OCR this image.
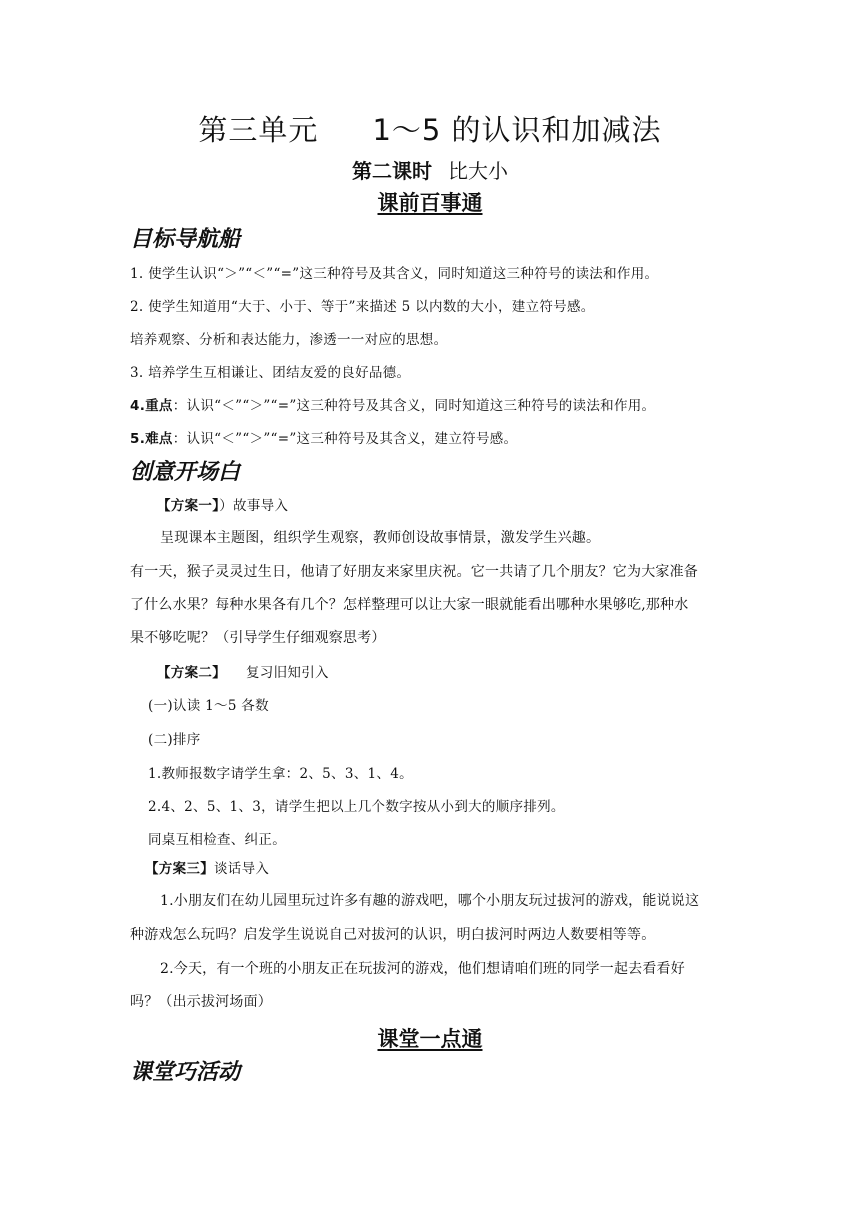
第三单元 1～5 的认识和加减法
第二课时 比大小
课前百事通
目标导航船
1. 使学生认识“＞”“＜”“=”这三种符号及其含义，同时知道这三种符号的读法和作用。
2. 使学生知道用“大于、小于、等于”来描述 5 以内数的大小，建立符号感。
培养观察、分析和表达能力，渗透一一对应的思想。
3. 培养学生互相谦让、团结友爱的良好品德。
4.重点：认识“＜”“＞”“=”这三种符号及其含义，同时知道这三种符号的读法和作用。
5.难点：认识“＜”“＞”“=”这三种符号及其含义，建立符号感。
创意开场白
【方案一】）故事导入
呈现课本主题图，组织学生观察，教师创设故事情景，激发学生兴趣。
有一天，猴子灵灵过生日，他请了好朋友来家里庆祝。它一共请了几个朋友？它为大家准备
了什么水果？每种水果各有几个？怎样整理可以让大家一眼就能看出哪种水果够吃,那种水
果不够吃呢？（引导学生仔细观察思考）
【方案二】 复习旧知引入
(一)认读 1～5 各数
(二)排序
1.教师报数字请学生拿：2、5、3、1、4。
2.4、2、5、1、3，请学生把以上几个数字按从小到大的顺序排列。
同桌互相检查、纠正。
【方案三】谈话导入
1.小朋友们在幼儿园里玩过许多有趣的游戏吧，哪个小朋友玩过拔河的游戏，能说说这
种游戏怎么玩吗？启发学生说说自己对拔河的认识，明白拔河时两边人数要相等等。
2.今天，有一个班的小朋友正在玩拔河的游戏，他们想请咱们班的同学一起去看看好
吗？（出示拔河场面）
课堂一点通
课堂巧活动
